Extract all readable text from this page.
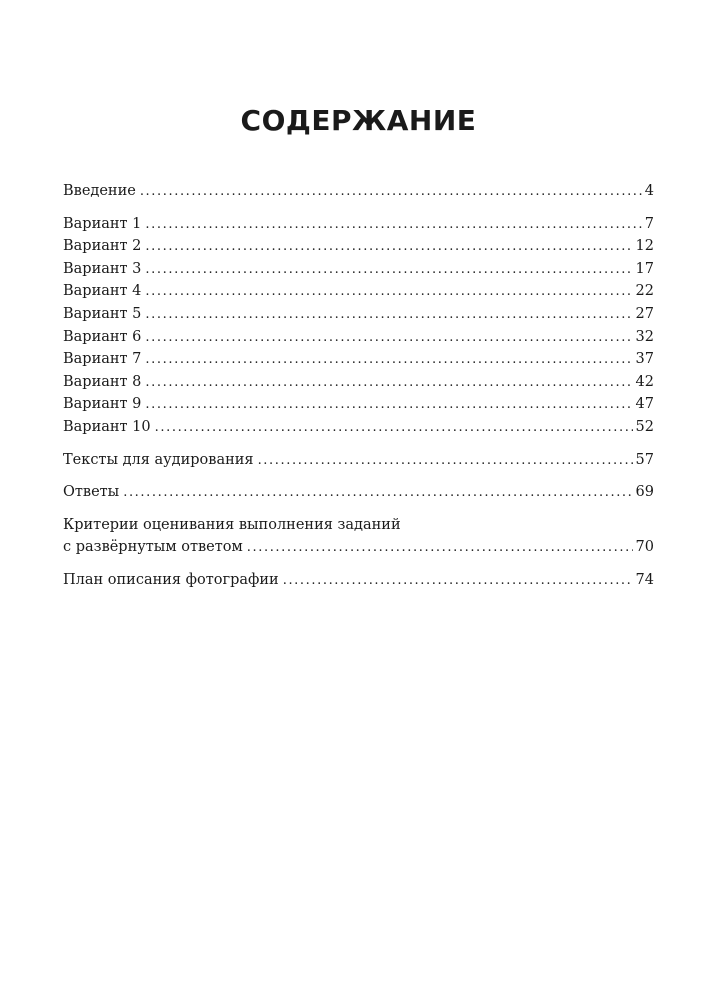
СОДЕРЖАНИЕ
Введение .....	4
Вариант 1 .....	7
Вариант 2 .....	12
Вариант 3 .....	17
Вариант 4 .....	22
Вариант 5 .....	27
Вариант 6 .....	32
Вариант 7 .....	37
Вариант 8 .....	42
Вариант 9 .....	47
Вариант 10 .....	52
Тексты для аудирования .....	57
Ответы .....	69
Критерии оценивания выполнения заданий
с развёрнутым ответом .....	70
План описания фотографии .....	74
